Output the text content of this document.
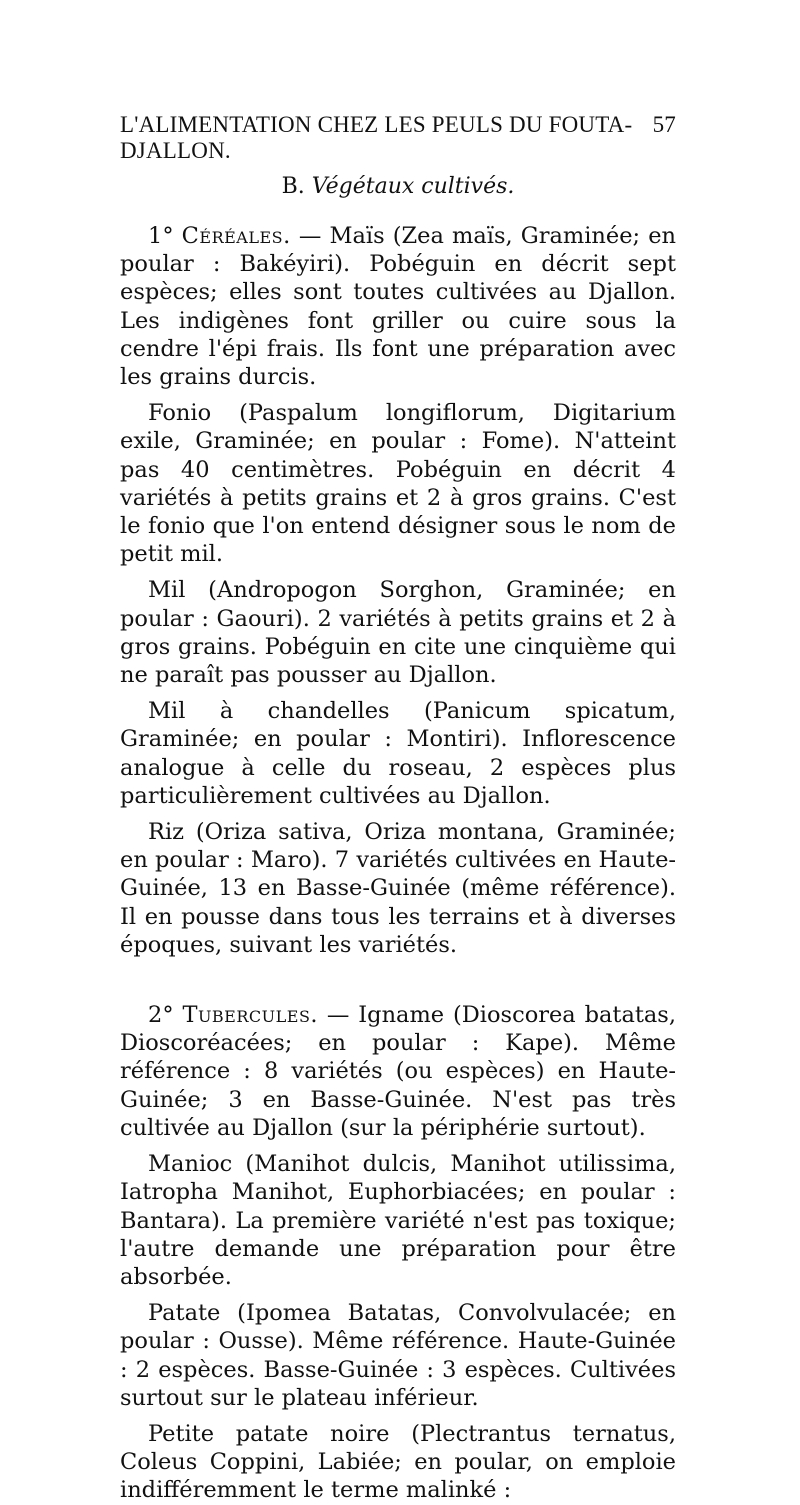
L'ALIMENTATION CHEZ LES PEULS DU FOUTA-DJALLON.
57
B. Végétaux cultivés.

1° Céréales. — Maïs (Zea maïs, Graminée; en poular : Bakéyiri). Pobéguin en décrit sept espèces; elles sont toutes cultivées au Djallon. Les indigènes font griller ou cuire sous la cendre l'épi frais. Ils font une préparation avec les grains durcis.

Fonio (Paspalum longiflorum, Digitarium exile, Graminée; en poular : Fome). N'atteint pas 40 centimètres. Pobéguin en décrit 4 variétés à petits grains et 2 à gros grains. C'est le fonio que l'on entend désigner sous le nom de petit mil.

Mil (Andropogon Sorghon, Graminée; en poular : Gaouri). 2 variétés à petits grains et 2 à gros grains. Pobéguin en cite une cinquième qui ne paraît pas pousser au Djallon.

Mil à chandelles (Panicum spicatum, Graminée; en poular : Montiri). Inflorescence analogue à celle du roseau, 2 espèces plus particulièrement cultivées au Djallon.

Riz (Oriza sativa, Oriza montana, Graminée; en poular : Maro). 7 variétés cultivées en Haute-Guinée, 13 en Basse-Guinée (même référence). Il en pousse dans tous les terrains et à diverses époques, suivant les variétés.

2° Tubercules. — Igname (Dioscorea batatas, Dioscoréacées; en poular : Kape). Même référence : 8 variétés (ou espèces) en Haute-Guinée; 3 en Basse-Guinée. N'est pas très cultivée au Djallon (sur la périphérie surtout).

Manioc (Manihot dulcis, Manihot utilissima, Iatropha Manihot, Euphorbiacées; en poular : Bantara). La première variété n'est pas toxique; l'autre demande une préparation pour être absorbée.

Patate (Ipomea Batatas, Convolvulacée; en poular : Ousse). Même référence. Haute-Guinée : 2 espèces. Basse-Guinée : 3 espèces. Cultivées surtout sur le plateau inférieur.

Petite patate noire (Plectrantus ternatus, Coleus Coppini, Labiée; en poular, on emploie indifféremment le terme malinké :
